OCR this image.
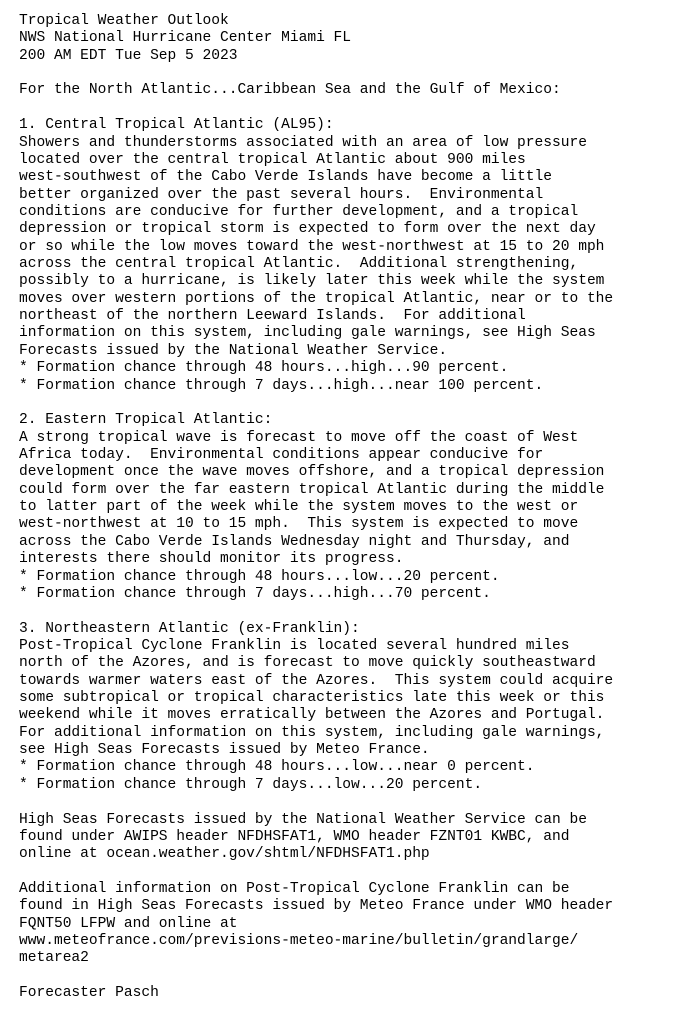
Tropical Weather Outlook
NWS National Hurricane Center Miami FL
200 AM EDT Tue Sep 5 2023
For the North Atlantic...Caribbean Sea and the Gulf of Mexico:
1. Central Tropical Atlantic (AL95):
Showers and thunderstorms associated with an area of low pressure
located over the central tropical Atlantic about 900 miles
west-southwest of the Cabo Verde Islands have become a little
better organized over the past several hours.  Environmental
conditions are conducive for further development, and a tropical
depression or tropical storm is expected to form over the next day
or so while the low moves toward the west-northwest at 15 to 20 mph
across the central tropical Atlantic.  Additional strengthening,
possibly to a hurricane, is likely later this week while the system
moves over western portions of the tropical Atlantic, near or to the
northeast of the northern Leeward Islands.  For additional
information on this system, including gale warnings, see High Seas
Forecasts issued by the National Weather Service.
* Formation chance through 48 hours...high...90 percent.
* Formation chance through 7 days...high...near 100 percent.
2. Eastern Tropical Atlantic:
A strong tropical wave is forecast to move off the coast of West
Africa today.  Environmental conditions appear conducive for
development once the wave moves offshore, and a tropical depression
could form over the far eastern tropical Atlantic during the middle
to latter part of the week while the system moves to the west or
west-northwest at 10 to 15 mph.  This system is expected to move
across the Cabo Verde Islands Wednesday night and Thursday, and
interests there should monitor its progress.
* Formation chance through 48 hours...low...20 percent.
* Formation chance through 7 days...high...70 percent.
3. Northeastern Atlantic (ex-Franklin):
Post-Tropical Cyclone Franklin is located several hundred miles
north of the Azores, and is forecast to move quickly southeastward
towards warmer waters east of the Azores.  This system could acquire
some subtropical or tropical characteristics late this week or this
weekend while it moves erratically between the Azores and Portugal.
For additional information on this system, including gale warnings,
see High Seas Forecasts issued by Meteo France.
* Formation chance through 48 hours...low...near 0 percent.
* Formation chance through 7 days...low...20 percent.
High Seas Forecasts issued by the National Weather Service can be
found under AWIPS header NFDHSFAT1, WMO header FZNT01 KWBC, and
online at ocean.weather.gov/shtml/NFDHSFAT1.php
Additional information on Post-Tropical Cyclone Franklin can be
found in High Seas Forecasts issued by Meteo France under WMO header
FQNT50 LFPW and online at
www.meteofrance.com/previsions-meteo-marine/bulletin/grandlarge/
metarea2
Forecaster Pasch
